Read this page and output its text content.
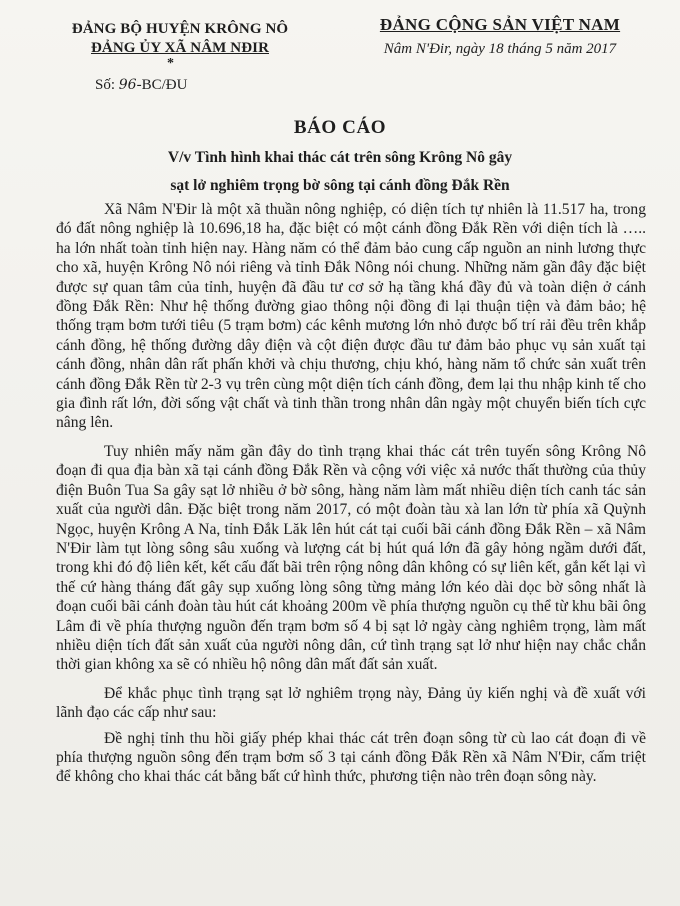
ĐẢNG BỘ HUYỆN KRÔNG NÔ
ĐẢNG ỦY XÃ NÂM NĐIR
*
Số: 96-BC/ĐU
ĐẢNG CỘNG SẢN VIỆT NAM
Nâm N'Đir, ngày 18 tháng 5 năm 2017
BÁO CÁO
V/v Tình hình khai thác cát trên sông Krông Nô gây
sạt lở nghiêm trọng bờ sông tại cánh đồng Đắk Rền

Xã Nâm N'Đir là một xã thuần nông nghiệp, có diện tích tự nhiên là 11.517 ha, trong đó đất nông nghiệp là 10.696,18 ha, đặc biệt có một cánh đồng Đắk Rền với diện tích là ….. ha lớn nhất toàn tỉnh hiện nay. Hàng năm có thể đảm bảo cung cấp nguồn an ninh lương thực cho xã, huyện Krông Nô nói riêng và tỉnh Đắk Nông nói chung. Những năm gần đây đặc biệt được sự quan tâm của tỉnh, huyện đã đầu tư cơ sở hạ tầng khá đầy đủ và toàn diện ở cánh đồng Đắk Rền: Như hệ thống đường giao thông nội đồng đi lại thuận tiện và đảm bảo; hệ thống trạm bơm tưới tiêu (5 trạm bơm) các kênh mương lớn nhỏ được bố trí rải đều trên khắp cánh đồng, hệ thống đường dây điện và cột điện được đầu tư đảm bảo phục vụ sản xuất tại cánh đồng, nhân dân rất phấn khởi và chịu thương, chịu khó, hàng năm tổ chức sản xuất trên cánh đồng Đắk Rền từ 2-3 vụ trên cùng một diện tích cánh đồng, đem lại thu nhập kinh tế cho gia đình rất lớn, đời sống vật chất và tinh thần trong nhân dân ngày một chuyển biến tích cực nâng lên.

Tuy nhiên mấy năm gần đây do tình trạng khai thác cát trên tuyến sông Krông Nô đoạn đi qua địa bàn xã tại cánh đồng Đắk Rền và cộng với việc xả nước thất thường của thủy điện Buôn Tua Sa gây sạt lở nhiều ở bờ sông, hàng năm làm mất nhiều diện tích canh tác sản xuất của người dân. Đặc biệt trong năm 2017, có một đoàn tàu xà lan lớn từ phía xã Quỳnh Ngọc, huyện Krông A Na, tỉnh Đắk Lăk lên hút cát tại cuối bãi cánh đồng Đắk Rền – xã Nâm N'Đir làm tụt lòng sông sâu xuống và lượng cát bị hút quá lớn đã gây hỏng ngầm dưới đất, trong khi đó độ liên kết, kết cấu đất bãi trên rộng nông dân không có sự liên kết, gắn kết lại vì thế cứ hàng tháng đất gây sụp xuống lòng sông từng mảng lớn kéo dài dọc bờ sông nhất là đoạn cuối bãi cánh đoàn tàu hút cát khoảng 200m về phía thượng nguồn cụ thể từ khu bãi ông Lâm đi về phía thượng nguồn đến trạm bơm số 4 bị sạt lở ngày càng nghiêm trọng, làm mất nhiều diện tích đất sản xuất của người nông dân, cứ tình trạng sạt lở như hiện nay chắc chắn thời gian không xa sẽ có nhiều hộ nông dân mất đất sản xuất.

Để khắc phục tình trạng sạt lở nghiêm trọng này, Đảng ủy kiến nghị và đề xuất với lãnh đạo các cấp như sau:

Đề nghị tỉnh thu hồi giấy phép khai thác cát trên đoạn sông từ cù lao cát đoạn đi về phía thượng nguồn sông đến trạm bơm số 3 tại cánh đồng Đắk Rền xã Nâm N'Đir, cấm triệt để không cho khai thác cát bằng bất cứ hình thức, phương tiện nào trên đoạn sông này.
